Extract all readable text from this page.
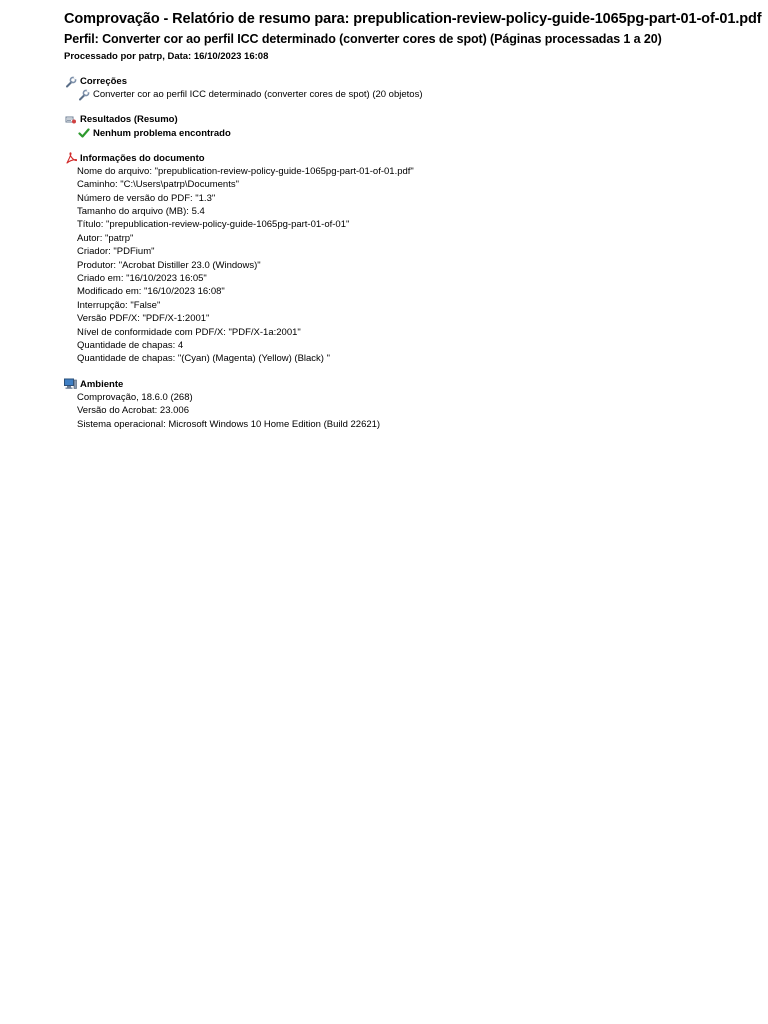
Comprovação - Relatório de resumo para: prepublication-review-policy-guide-1065pg-part-01-of-01.pdf
Perfil: Converter cor ao perfil ICC determinado (converter cores de spot) (Páginas processadas 1 a 20)
Processado por patrp, Data: 16/10/2023 16:08
Correções
Converter cor ao perfil ICC determinado (converter cores de spot) (20 objetos)
Resultados (Resumo)
Nenhum problema encontrado
Informações do documento
Nome do arquivo: "prepublication-review-policy-guide-1065pg-part-01-of-01.pdf"
Caminho: "C:\Users\patrp\Documents"
Número de versão do PDF: "1.3"
Tamanho do arquivo (MB): 5.4
Título: "prepublication-review-policy-guide-1065pg-part-01-of-01"
Autor: "patrp"
Criador: "PDFium"
Produtor: "Acrobat Distiller 23.0 (Windows)"
Criado em: "16/10/2023 16:05"
Modificado em: "16/10/2023 16:08"
Interrupção: "False"
Versão PDF/X: "PDF/X-1:2001"
Nível de conformidade com PDF/X: "PDF/X-1a:2001"
Quantidade de chapas: 4
Quantidade de chapas: "(Cyan) (Magenta) (Yellow) (Black) "
Ambiente
Comprovação, 18.6.0 (268)
Versão do Acrobat: 23.006
Sistema operacional: Microsoft Windows 10 Home Edition (Build 22621)
